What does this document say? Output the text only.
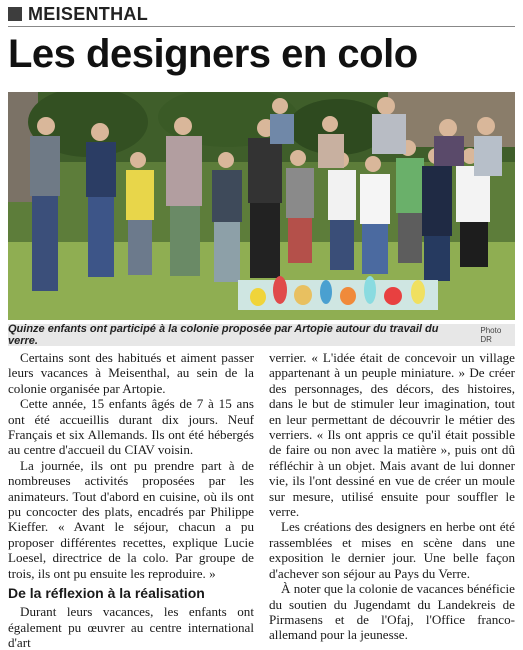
MEISENTHAL
Les designers en colo
Quinze enfants ont participé à la colonie proposée par Artopie autour du travail du verre.
Photo DR

Certains sont des habitués et aiment passer leurs vacances à Meisenthal, au sein de la colonie organisée par Artopie.

Cette année, 15 enfants âgés de 7 à 15 ans ont été accueillis durant dix jours. Neuf Français et six Allemands. Ils ont été hébergés au centre d'accueil du CIAV voisin.

La journée, ils ont pu prendre part à de nombreuses activités proposées par les animateurs. Tout d'abord en cuisine, où ils ont pu concocter des plats, encadrés par Philippe Kieffer. « Avant le séjour, chacun a pu proposer différentes recettes, explique Lucie Loesel, directrice de la colo. Par groupe de trois, ils ont pu ensuite les reproduire. »

De la réflexion à la réalisation

Durant leurs vacances, les enfants ont également pu œuvrer au centre international d'art

verrier. « L'idée était de concevoir un village appartenant à un peuple miniature. » De créer des personnages, des décors, des histoires, dans le but de stimuler leur imagination, tout en leur permettant de découvrir le métier des verriers. « Ils ont appris ce qu'il était possible de faire ou non avec la matière », puis ont dû réfléchir à un objet. Mais avant de lui donner vie, ils l'ont dessiné en vue de créer un moule sur mesure, utilisé ensuite pour souffler le verre.

Les créations des designers en herbe ont été rassemblées et mises en scène dans une exposition le dernier jour. Une belle façon d'achever son séjour au Pays du Verre.

À noter que la colonie de vacances bénéficie du soutien du Jugendamt du Landekreis de Pirmasens et de l'Ofaj, l'Office franco-allemand pour la jeunesse.
